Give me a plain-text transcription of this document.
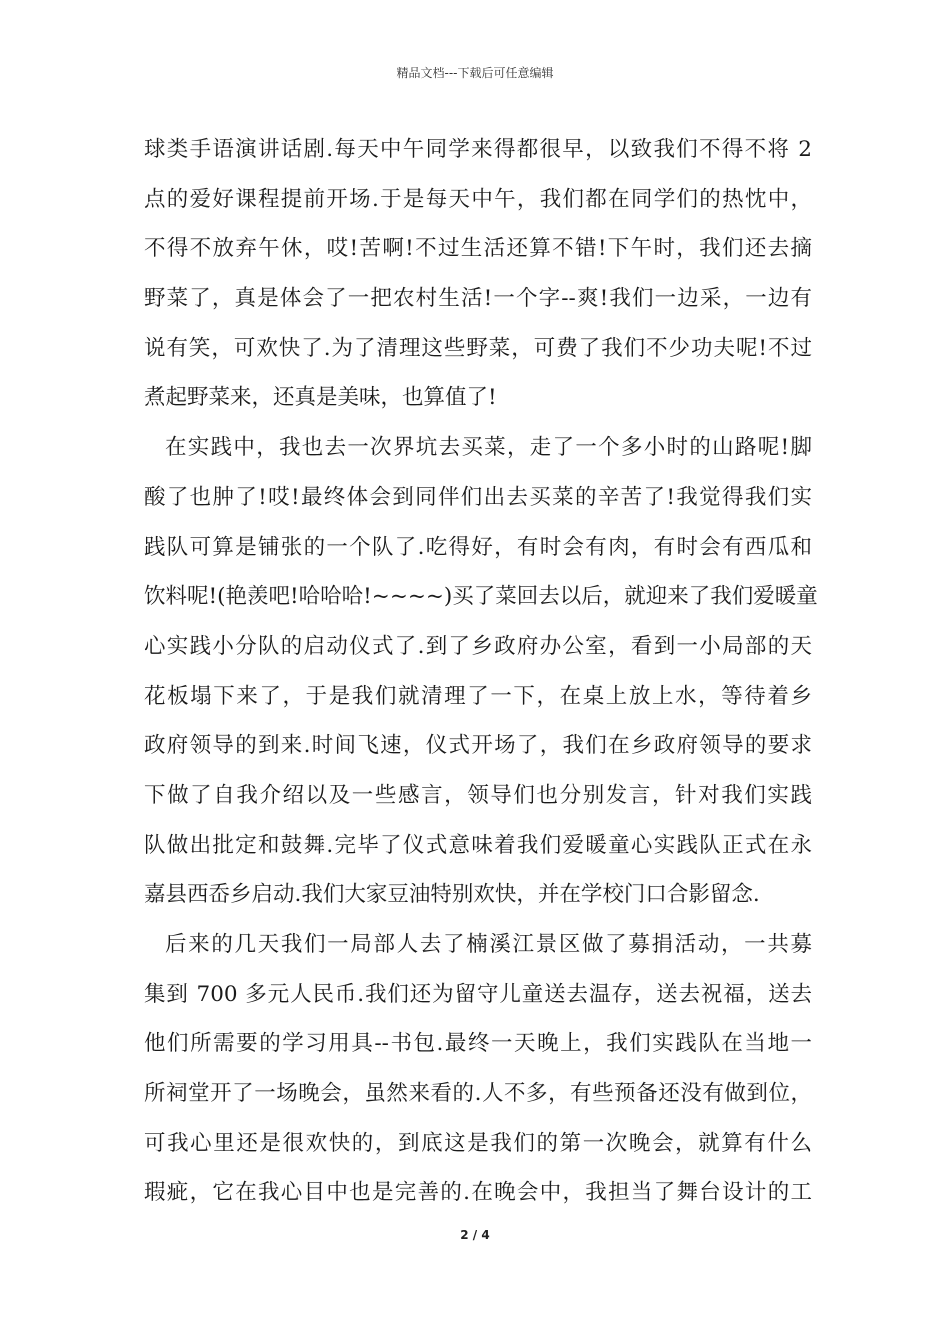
精品文档---下载后可任意编辑
球类手语演讲话剧.每天中午同学来得都很早，以致我们不得不将 2
点的爱好课程提前开场.于是每天中午，我们都在同学们的热忱中，
不得不放弃午休，哎!苦啊!不过生活还算不错!下午时，我们还去摘
野菜了，真是体会了一把农村生活!一个字--爽!我们一边采，一边有
说有笑，可欢快了.为了清理这些野菜，可费了我们不少功夫呢!不过
煮起野菜来，还真是美味，也算值了!
在实践中，我也去一次界坑去买菜，走了一个多小时的山路呢!脚
酸了也肿了!哎!最终体会到同伴们出去买菜的辛苦了!我觉得我们实
践队可算是铺张的一个队了.吃得好，有时会有肉，有时会有西瓜和
饮料呢!(艳羡吧!哈哈哈!~~~~)买了菜回去以后，就迎来了我们爱暖童
心实践小分队的启动仪式了.到了乡政府办公室，看到一小局部的天
花板塌下来了，于是我们就清理了一下，在桌上放上水，等待着乡
政府领导的到来.时间飞速，仪式开场了，我们在乡政府领导的要求
下做了自我介绍以及一些感言，领导们也分别发言，针对我们实践
队做出批定和鼓舞.完毕了仪式意味着我们爱暖童心实践队正式在永
嘉县西岙乡启动.我们大家豆油特别欢快，并在学校门口合影留念.
后来的几天我们一局部人去了楠溪江景区做了募捐活动，一共募
集到 700 多元人民币.我们还为留守儿童送去温存，送去祝福，送去
他们所需要的学习用具--书包.最终一天晚上，我们实践队在当地一
所祠堂开了一场晚会，虽然来看的.人不多，有些预备还没有做到位，
可我心里还是很欢快的，到底这是我们的第一次晚会，就算有什么
瑕疵，它在我心目中也是完善的.在晚会中，我担当了舞台设计的工
2 / 4
